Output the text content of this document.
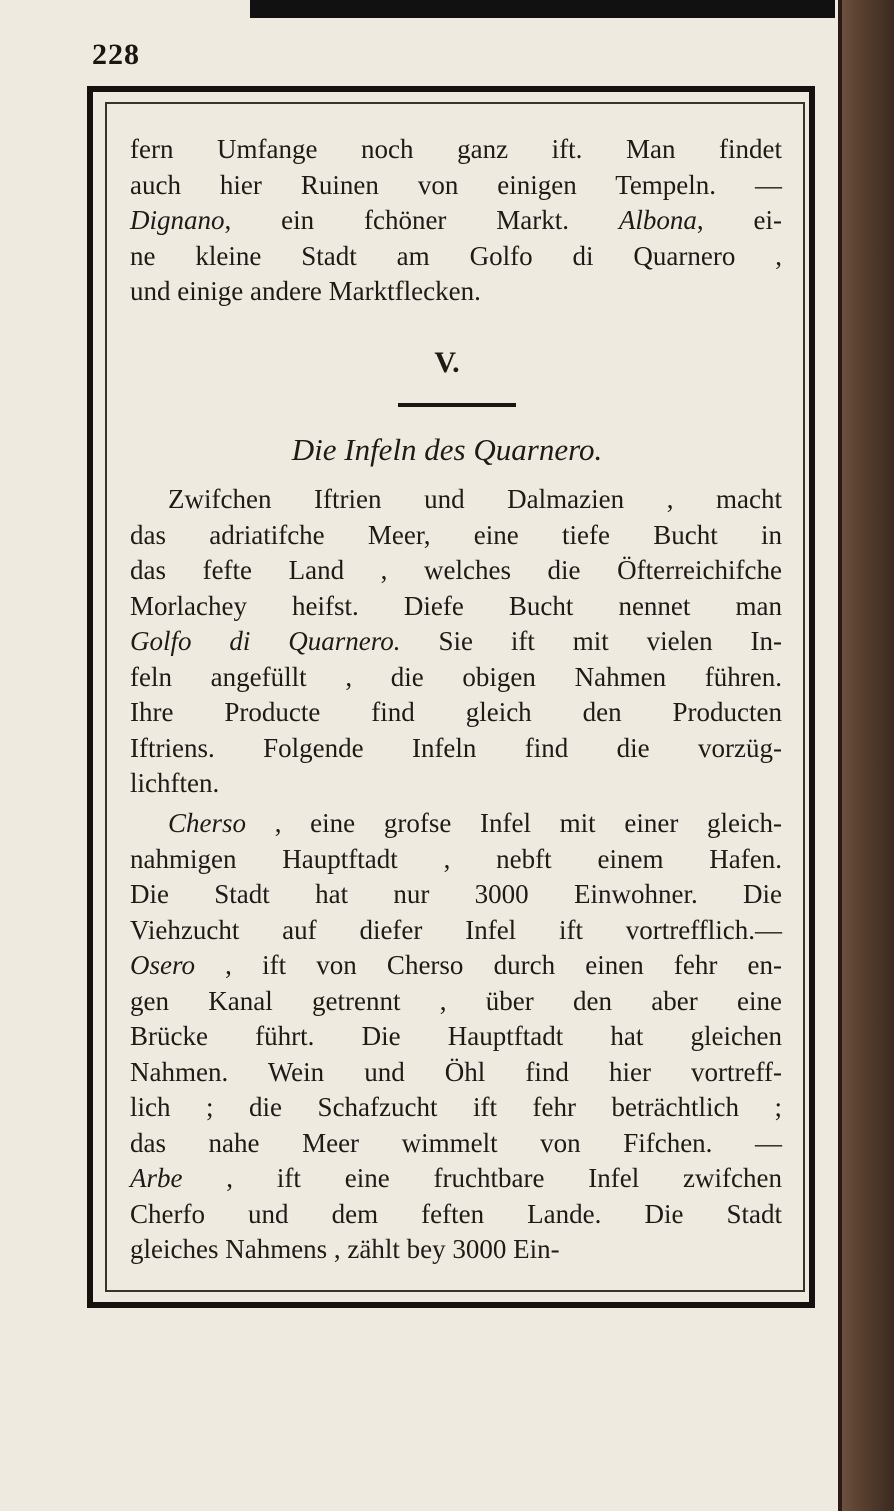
228
fern Umfange noch ganz ift. Man findet
auch hier Ruinen von einigen Tempeln. —
Dignano, ein fchöner Markt. Albona, ei-
ne kleine Stadt am Golfo di Quarnero ,
und einige andere Marktflecken.
V.
Die Infeln des Quarnero.
Zwifchen Iftrien und Dalmazien , macht
das adriatifche Meer, eine tiefe Bucht in
das fefte Land , welches die Öfterreichifche
Morlachey heifst. Diefe Bucht nennet man
Golfo di Quarnero. Sie ift mit vielen In-
feln angefüllt , die obigen Nahmen führen.
Ihre Producte find gleich den Producten
Iftriens. Folgende Infeln find die vorzüg-
lichften.
Cherso , eine grofse Infel mit einer gleich-
nahmigen Hauptftadt , nebft einem Hafen.
Die Stadt hat nur 3000 Einwohner. Die
Viehzucht auf diefer Infel ift vortrefflich.—
Osero , ift von Cherso durch einen fehr en-
gen Kanal getrennt , über den aber eine
Brücke führt. Die Hauptftadt hat gleichen
Nahmen. Wein und Öhl find hier vortreff-
lich ; die Schafzucht ift fehr beträchtlich ;
das nahe Meer wimmelt von Fifchen. —
Arbe , ift eine fruchtbare Infel zwifchen
Cherfo und dem feften Lande. Die Stadt
gleiches Nahmens , zählt bey 3000 Ein-
